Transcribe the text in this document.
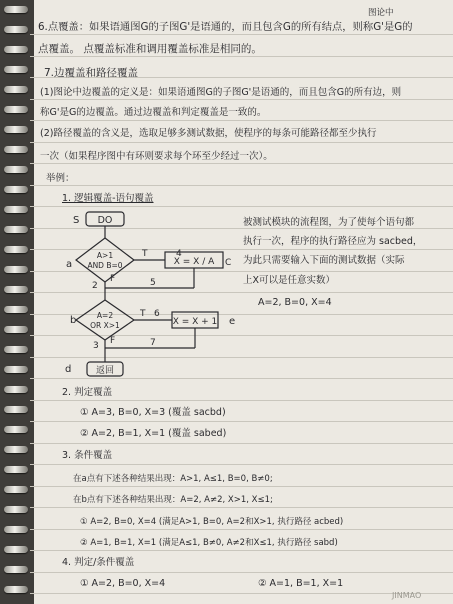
图论中
6.点覆盖：如果语通图G的子图G'是语通的，而且包含G的所有结点，则称G'是G的
点覆盖。 点覆盖标准和调用覆盖标准是相同的。
7.边覆盖和路径覆盖
(1)图论中边覆盖的定义是：如果语通图G的子图G'是语通的，而且包含G的所有边，则
称G'是G的边覆盖。通过边覆盖和判定覆盖是一致的。
(2)路径覆盖的含义是，选取足够多测试数据，使程序的每条可能路径都至少执行
一次（如果程序图中有环则要求每个环至少经过一次）。
举例：
1. 逻辑覆盖-语句覆盖
S DO
a
A>1
AND B=0
T	4
X = X / A C
F
2	5
b	A=2
OR X>1
T 6
X = X + 1 e
3 F	7
d	返回
被测试模块的流程图，为了使每个语句都
执行一次，程序的执行路径应为 sacbed，
为此只需要输入下面的测试数据（实际
上X可以是任意实数）
A=2, B=0, X=4
2. 判定覆盖
① A=3, B=0, X=3 (覆盖 sacbd)
② A=2, B=1, X=1 (覆盖 sabed)
3. 条件覆盖
在a点有下述各种结果出现：A>1, A≤1, B=0, B≠0;
在b点有下述各种结果出现：A=2, A≠2, X>1, X≤1;
① A=2, B=0, X=4 (满足A>1, B=0, A=2和X>1, 执行路径 acbed)
② A=1, B=1, X=1 (满足A≤1, B≠0, A≠2和X≤1, 执行路径 sabd)
4. 判定/条件覆盖
① A=2, B=0, X=4	② A=1, B=1, X=1
JINMAO
